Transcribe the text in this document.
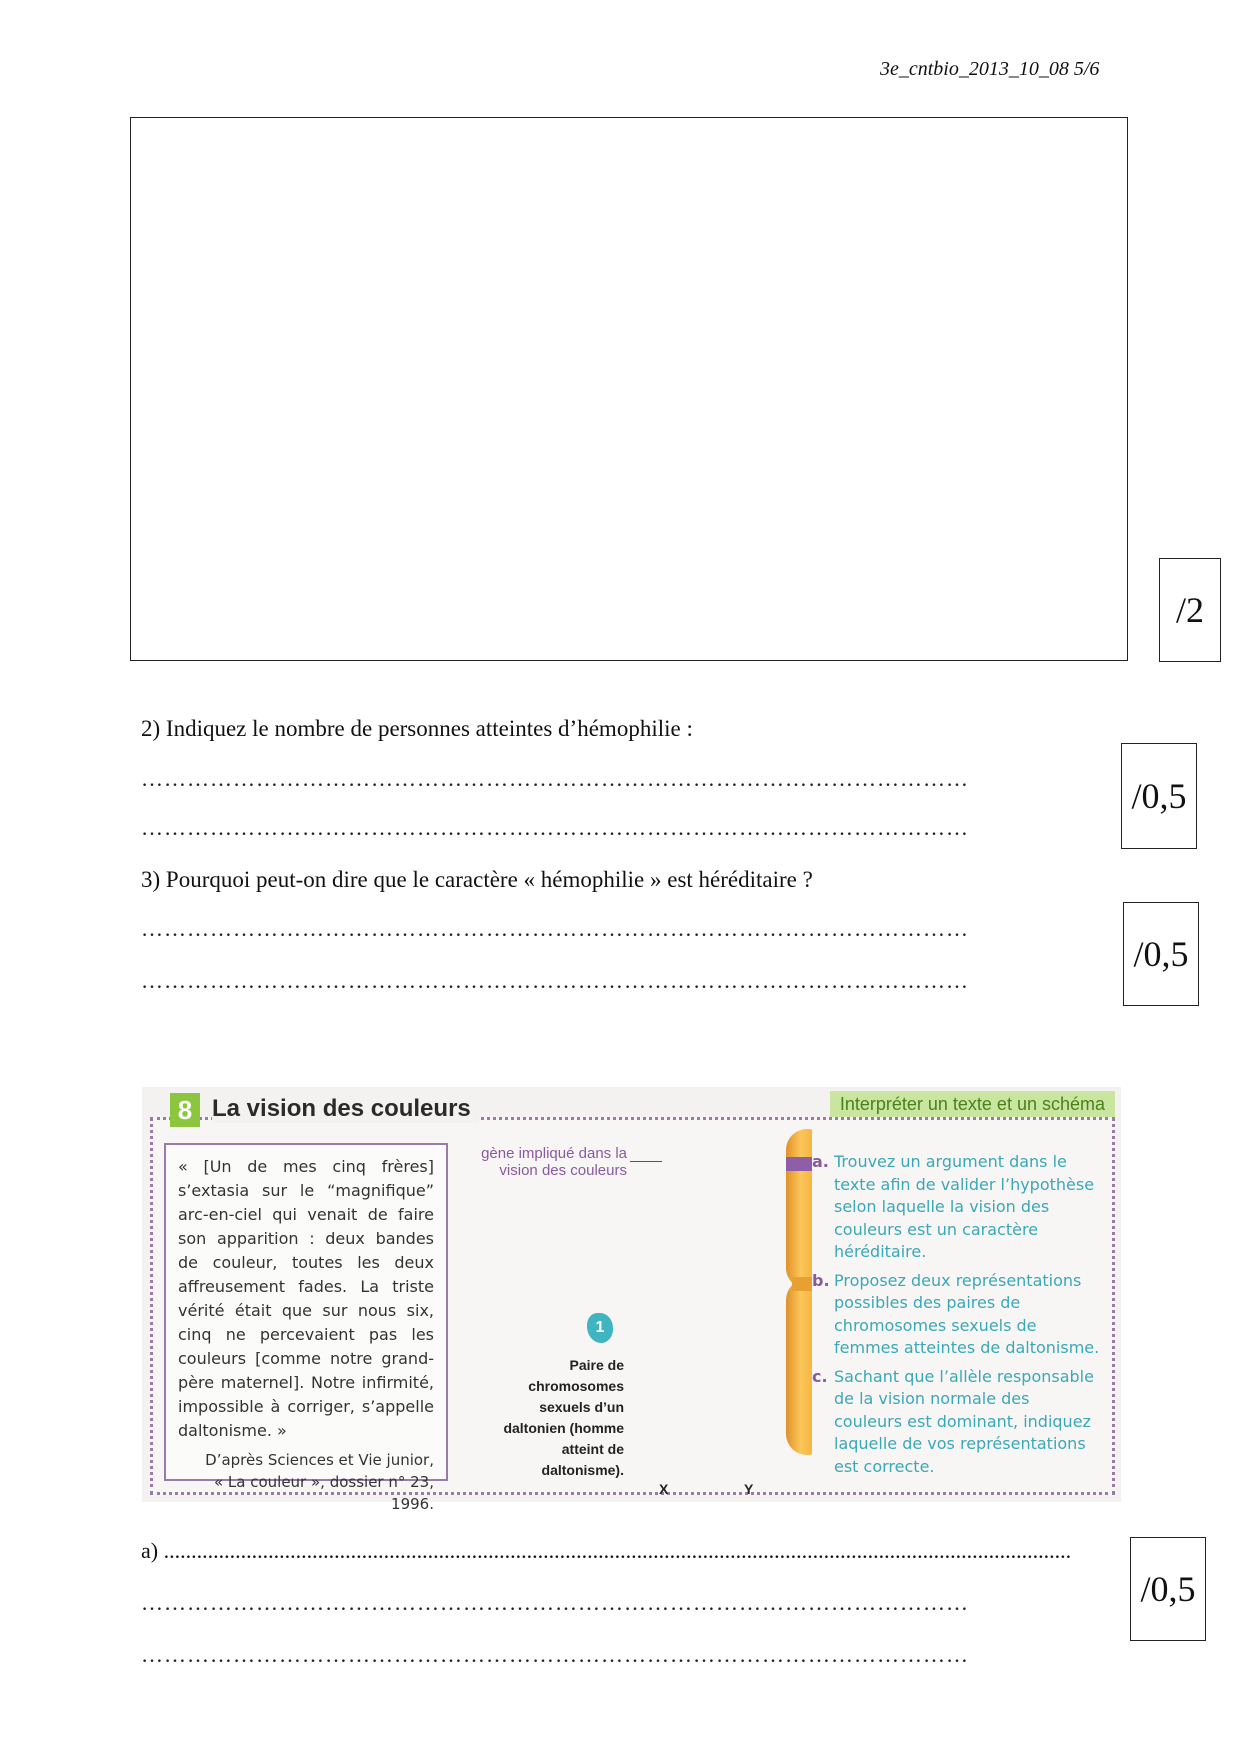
3e_cntbio_2013_10_08 5/6
/2
2) Indiquez le nombre de personnes atteintes d’hémophilie :
………………………………………………………………………………………………
………………………………………………………………………………………………
/0,5
3) Pourquoi peut-on dire que le caractère « hémophilie » est héréditaire ?
………………………………………………………………………………………………
………………………………………………………………………………………………
/0,5
8 La vision des couleurs	Interpréter un texte et un schéma
« [Un de mes cinq frères] s’extasia sur le “magnifique” arc-en-ciel qui venait de faire son apparition : deux bandes de couleur, toutes les deux affreusement fades. La triste vérité était que sur nous six, cinq ne percevaient pas les couleurs [comme notre grand-père maternel]. Notre infirmité, impossible à corriger, s’appelle daltonisme. »
D’après Sciences et Vie junior,
« La couleur », dossier n° 23, 1996.
gène impliqué dans la vision des couleurs
1
Paire de chromosomes sexuels d’un daltonien (homme atteint de daltonisme).
X	Y
a. Trouvez un argument dans le texte afin de valider l’hypothèse selon laquelle la vision des couleurs est un caractère héréditaire.
b. Proposez deux représentations possibles des paires de chromosomes sexuels de femmes atteintes de daltonisme.
c. Sachant que l’allèle responsable de la vision normale des couleurs est dominant, indiquez laquelle de vos représentations est correcte.
a) .....................................................................................................................................................................
………………………………………………………………………………………………
………………………………………………………………………………………………
/0,5
